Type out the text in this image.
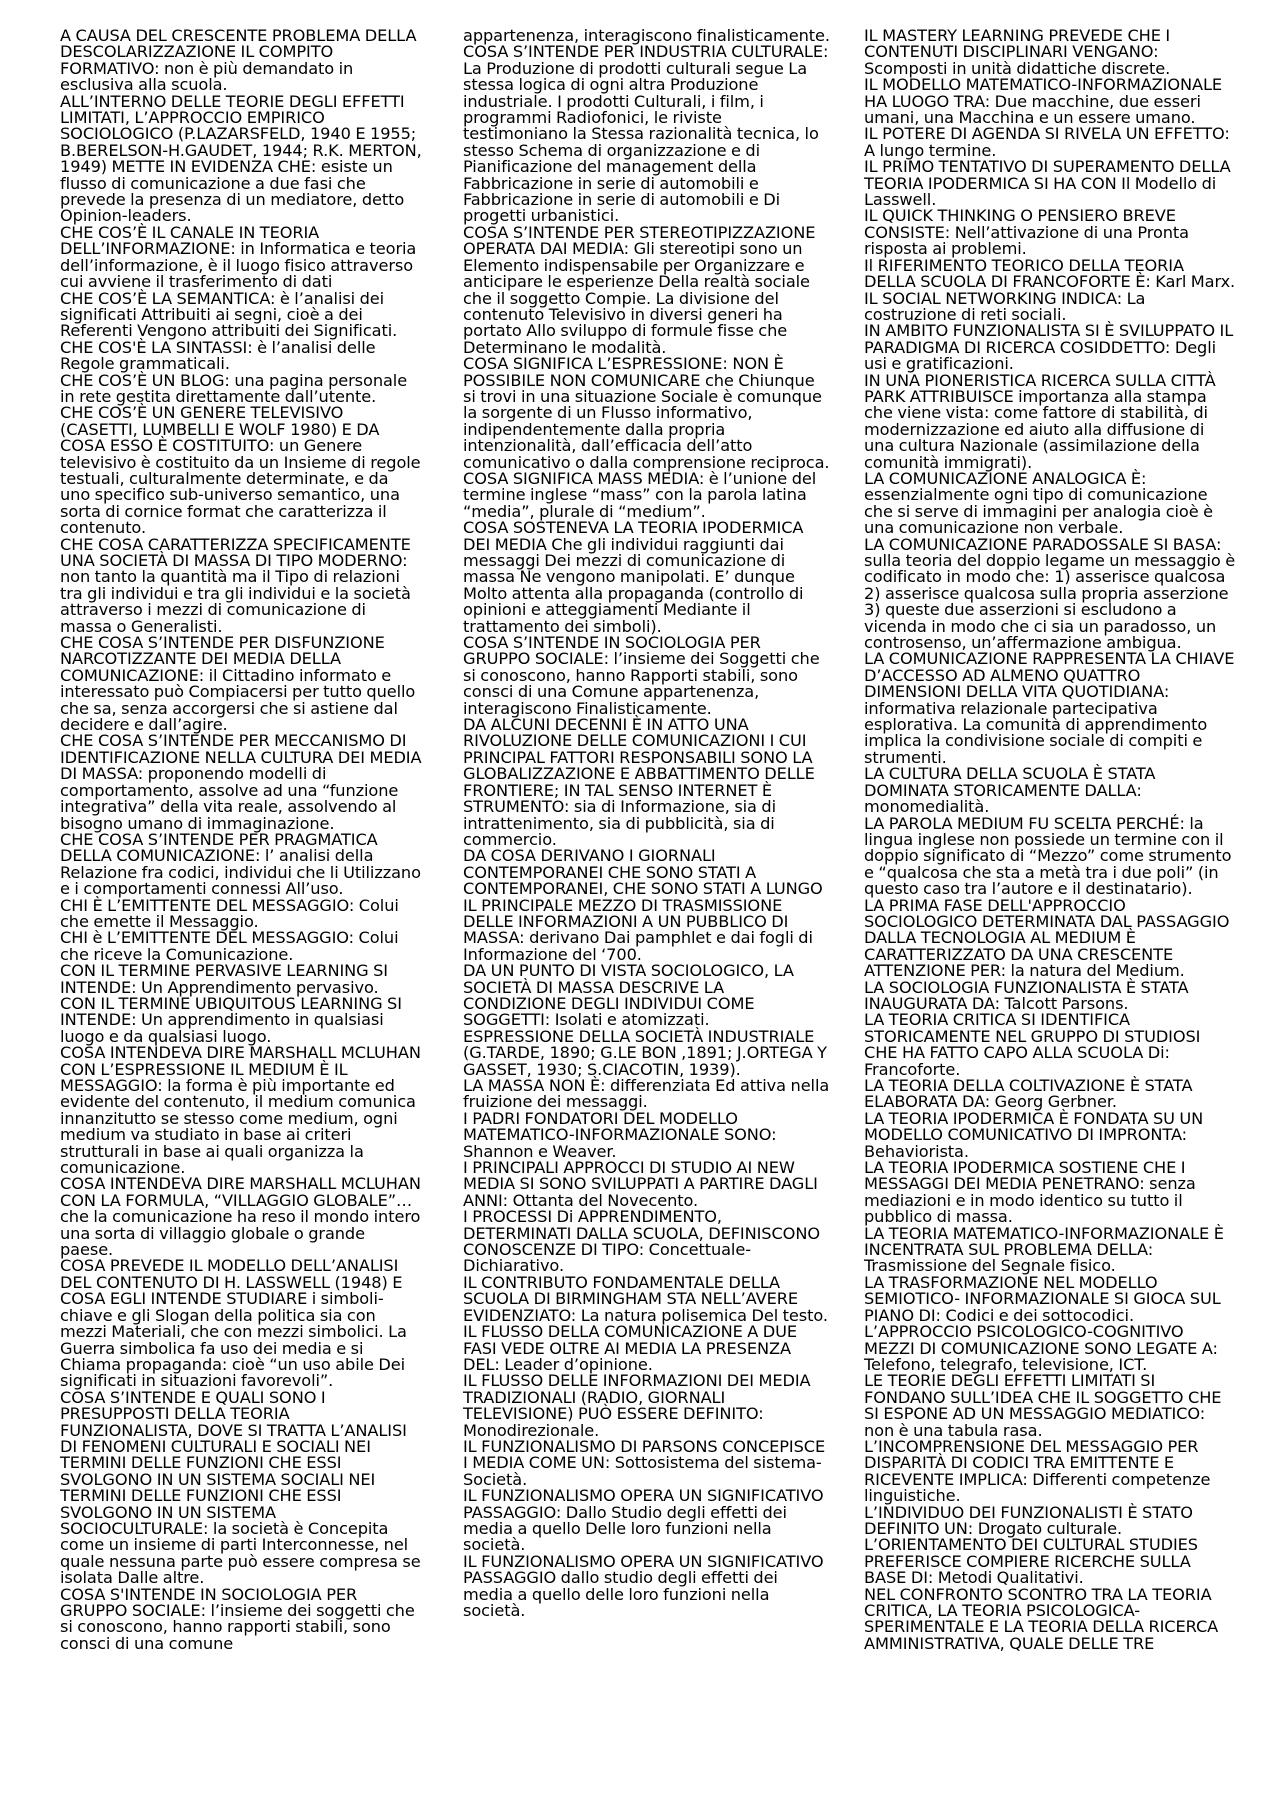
A CAUSA DEL CRESCENTE PROBLEMA DELLA DESCOLARIZZAZIONE IL COMPITO FORMATIVO: non è più demandato in esclusiva alla scuola.

ALL’INTERNO DELLE TEORIE DEGLI EFFETTI LIMITATI, L’APPROCCIO EMPIRICO SOCIOLOGICO (P.LAZARSFELD, 1940 E 1955; B.BERELSON-H.GAUDET, 1944; R.K. MERTON, 1949) METTE IN EVIDENZA CHE: esiste un flusso di comunicazione a due fasi che prevede la presenza di un mediatore, detto Opinion-leaders.

CHE COS’È IL CANALE IN TEORIA DELL’INFORMAZIONE: in Informatica e teoria dell’informazione, è il luogo fisico attraverso cui avviene il trasferimento di dati

CHE COS’È LA SEMANTICA: è l’analisi dei significati Attribuiti ai segni, cioè a dei Referenti Vengono attribuiti dei Significati.

CHE COS'È LA SINTASSI: è l’analisi delle Regole grammaticali.

CHE COS’È UN BLOG: una pagina personale in rete gestita direttamente dall’utente.

CHE COS’È UN GENERE TELEVISIVO (CASETTI, LUMBELLI E WOLF 1980) E DA COSA ESSO È COSTITUITO: un Genere televisivo è costituito da un Insieme di regole testuali, culturalmente determinate, e da uno specifico sub-universo semantico, una sorta di cornice format che caratterizza il contenuto.

CHE COSA CARATTERIZZA SPECIFICAMENTE UNA SOCIETÀ DI MASSA DI TIPO MODERNO: non tanto la quantità ma il Tipo di relazioni tra gli individui e tra gli individui e la società attraverso i mezzi di comunicazione di massa o Generalisti.

CHE COSA S’INTENDE PER DISFUNZIONE NARCOTIZZANTE DEI MEDIA DELLA COMUNICAZIONE: il Cittadino informato e interessato può Compiacersi per tutto quello che sa, senza accorgersi che si astiene dal decidere e dall’agire.

CHE COSA S’INTENDE PER MECCANISMO DI IDENTIFICAZIONE NELLA CULTURA DEI MEDIA DI MASSA: proponendo modelli di comportamento, assolve ad una “funzione integrativa” della vita reale, assolvendo al bisogno umano di immaginazione.

CHE COSA S’INTENDE PER PRAGMATICA DELLA COMUNICAZIONE: l’ analisi della Relazione fra codici, individui che li Utilizzano e i comportamenti connessi All’uso.

CHI È L’EMITTENTE DEL MESSAGGIO: Colui che emette il Messaggio.

CHI è L’EMITTENTE DEL MESSAGGIO: Colui che riceve la Comunicazione.

CON IL TERMINE PERVASIVE LEARNING SI INTENDE: Un Apprendimento pervasivo.

CON IL TERMINE UBIQUITOUS LEARNING SI INTENDE: Un apprendimento in qualsiasi luogo e da qualsiasi luogo.

COSA INTENDEVA DIRE MARSHALL MCLUHAN CON L’ESPRESSIONE IL MEDIUM È IL MESSAGGIO: la forma è più importante ed evidente del contenuto, il medium comunica innanzitutto se stesso come medium, ogni medium va studiato in base ai criteri strutturali in base ai quali organizza la comunicazione.

COSA INTENDEVA DIRE MARSHALL MCLUHAN CON LA FORMULA, “VILLAGGIO GLOBALE”… che la comunicazione ha reso il mondo intero una sorta di villaggio globale o grande paese.

COSA PREVEDE IL MODELLO DELL’ANALISI DEL CONTENUTO DI H. LASSWELL (1948) E COSA EGLI INTENDE STUDIARE i simboli-chiave e gli Slogan della politica sia con mezzi Materiali, che con mezzi simbolici. La Guerra simbolica fa uso dei media e si Chiama propaganda: cioè “un uso abile Dei significati in situazioni favorevoli”.

COSA S’INTENDE E QUALI SONO I PRESUPPOSTI DELLA TEORIA FUNZIONALISTA, DOVE SI TRATTA L’ANALISI DI FENOMENI CULTURALI E SOCIALI NEI TERMINI DELLE FUNZIONI CHE ESSI SVOLGONO IN UN SISTEMA SOCIALI NEI TERMINI DELLE FUNZIONI CHE ESSI SVOLGONO IN UN SISTEMA SOCIOCULTURALE: la società è Concepita come un insieme di parti Interconnesse, nel quale nessuna parte può essere compresa se isolata Dalle altre.

COSA S'INTENDE IN SOCIOLOGIA PER GRUPPO SOCIALE: l’insieme dei soggetti che si conoscono, hanno rapporti stabili, sono consci di una comune

appartenenza, interagiscono finalisticamente.

COSA S’INTENDE PER INDUSTRIA CULTURALE: La Produzione di prodotti culturali segue La stessa logica di ogni altra Produzione industriale. I prodotti Culturali, i film, i programmi Radiofonici, le riviste testimoniano la Stessa razionalità tecnica, lo stesso Schema di organizzazione e di Pianificazione del management della Fabbricazione in serie di automobili e Fabbricazione in serie di automobili e Di progetti urbanistici.

COSA S’INTENDE PER STEREOTIPIZZAZIONE OPERATA DAI MEDIA: Gli stereotipi sono un Elemento indispensabile per Organizzare e anticipare le esperienze Della realtà sociale che il soggetto Compie. La divisione del contenuto Televisivo in diversi generi ha portato Allo sviluppo di formule fisse che Determinano le modalità.

COSA SIGNIFICA L’ESPRESSIONE: NON È POSSIBILE NON COMUNICARE che Chiunque si trovi in una situazione Sociale è comunque la sorgente di un Flusso informativo, indipendentemente dalla propria intenzionalità, dall’efficacia dell’atto comunicativo o dalla comprensione reciproca.

COSA SIGNIFICA MASS MEDIA: è l’unione del termine inglese “mass” con la parola latina “media”, plurale di “medium”.

COSA SOSTENEVA LA TEORIA IPODERMICA DEI MEDIA Che gli individui raggiunti dai messaggi Dei mezzi di comunicazione di massa Ne vengono manipolati. E’ dunque Molto attenta alla propaganda (controllo di opinioni e atteggiamenti Mediante il trattamento dei simboli).

COSA S’INTENDE IN SOCIOLOGIA PER GRUPPO SOCIALE: l’insieme dei Soggetti che si conoscono, hanno Rapporti stabili, sono consci di una Comune appartenenza, interagiscono Finalisticamente.

DA ALCUNI DECENNI È IN ATTO UNA RIVOLUZIONE DELLE COMUNICAZIONI I CUI PRINCIPAL FATTORI RESPONSABILI SONO LA GLOBALIZZAZIONE E ABBATTIMENTO DELLE FRONTIERE; IN TAL SENSO INTERNET È STRUMENTO: sia di Informazione, sia di intrattenimento, sia di pubblicità, sia di commercio.

DA COSA DERIVANO I GIORNALI CONTEMPORANEI CHE SONO STATI A CONTEMPORANEI, CHE SONO STATI A LUNGO IL PRINCIPALE MEZZO DI TRASMISSIONE DELLE INFORMAZIONI A UN PUBBLICO DI MASSA: derivano Dai pamphlet e dai fogli di Informazione del ‘700.

DA UN PUNTO DI VISTA SOCIOLOGICO, LA SOCIETÀ DI MASSA DESCRIVE LA CONDIZIONE DEGLI INDIVIDUI COME SOGGETTI: Isolati e atomizzati.

ESPRESSIONE DELLA SOCIETÀ INDUSTRIALE (G.TARDE, 1890; G.LE BON ,1891; J.ORTEGA Y GASSET, 1930; S.CIACOTIN, 1939).

LA MASSA NON È: differenziata Ed attiva nella fruizione dei messaggi.

I PADRI FONDATORI DEL MODELLO MATEMATICO-INFORMAZIONALE SONO: Shannon e Weaver.

I PRINCIPALI APPROCCI DI STUDIO AI NEW MEDIA SI SONO SVILUPPATI A PARTIRE DAGLI ANNI: Ottanta del Novecento.

I PROCESSI Di APPRENDIMENTO, DETERMINATI DALLA SCUOLA, DEFINISCONO CONOSCENZE DI TIPO: Concettuale- Dichiarativo.

IL CONTRIBUTO FONDAMENTALE DELLA SCUOLA DI BIRMINGHAM STA NELL’AVERE EVIDENZIATO: La natura polisemica Del testo.

IL FLUSSO DELLA COMUNICAZIONE A DUE FASI VEDE OLTRE AI MEDIA LA PRESENZA DEL: Leader d’opinione.

IL FLUSSO DELLE INFORMAZIONI DEI MEDIA TRADIZIONALI (RADIO, GIORNALI TELEVISIONE) PUÒ ESSERE DEFINITO: Monodirezionale.

IL FUNZIONALISMO DI PARSONS CONCEPISCE I MEDIA COME UN: Sottosistema del sistema- Società.

IL FUNZIONALISMO OPERA UN SIGNIFICATIVO PASSAGGIO: Dallo Studio degli effetti dei media a quello Delle loro funzioni nella società.

IL FUNZIONALISMO OPERA UN SIGNIFICATIVO PASSAGGIO dallo studio degli effetti dei media a quello delle loro funzioni nella società.

IL MASTERY LEARNING PREVEDE CHE I CONTENUTI DISCIPLINARI VENGANO: Scomposti in unità didattiche discrete.

IL MODELLO MATEMATICO-INFORMAZIONALE HA LUOGO TRA: Due macchine, due esseri umani, una Macchina e un essere umano.

IL POTERE DI AGENDA SI RIVELA UN EFFETTO: A lungo termine.

IL PRIMO TENTATIVO DI SUPERAMENTO DELLA TEORIA IPODERMICA SI HA CON Il Modello di Lasswell.

IL QUICK THINKING O PENSIERO BREVE CONSISTE: Nell’attivazione di una Pronta risposta ai problemi.

Il RIFERIMENTO TEORICO DELLA TEORIA DELLA SCUOLA DI FRANCOFORTE È: Karl Marx.

IL SOCIAL NETWORKING INDICA: La costruzione di reti sociali.

IN AMBITO FUNZIONALISTA SI È SVILUPPATO IL PARADIGMA DI RICERCA COSIDDETTO: Degli usi e gratificazioni.

IN UNA PIONERISTICA RICERCA SULLA CITTÀ PARK ATTRIBUISCE importanza alla stampa che viene vista: come fattore di stabilità, di modernizzazione ed aiuto alla diffusione di una cultura Nazionale (assimilazione della comunità immigrati).

LA COMUNICAZIONE ANALOGICA È: essenzialmente ogni tipo di comunicazione che si serve di immagini per analogia cioè è una comunicazione non verbale.

LA COMUNICAZIONE PARADOSSALE SI BASA: sulla teoria del doppio legame un messaggio è codificato in modo che: 1) asserisce qualcosa 2) asserisce qualcosa sulla propria asserzione 3) queste due asserzioni si escludono a vicenda in modo che ci sia un paradosso, un controsenso, un’affermazione ambigua.

LA COMUNICAZIONE RAPPRESENTA LA CHIAVE D’ACCESSO AD ALMENO QUATTRO DIMENSIONI DELLA VITA QUOTIDIANA: informativa relazionale partecipativa esplorativa. La comunità di apprendimento implica la condivisione sociale di compiti e strumenti.

LA CULTURA DELLA SCUOLA È STATA DOMINATA STORICAMENTE DALLA: monomedialità.

LA PAROLA MEDIUM FU SCELTA PERCHÉ: la lingua inglese non possiede un termine con il doppio significato di “Mezzo” come strumento e “qualcosa che sta a metà tra i due poli” (in questo caso tra l’autore e il destinatario).

LA PRIMA FASE DELL'APPROCCIO SOCIOLOGICO DETERMINATA DAL PASSAGGIO DALLA TECNOLOGIA AL MEDIUM È CARATTERIZZATO DA UNA CRESCENTE ATTENZIONE PER: la natura del Medium.

LA SOCIOLOGIA FUNZIONALISTA È STATA INAUGURATA DA: Talcott Parsons.

LA TEORIA CRITICA SI IDENTIFICA STORICAMENTE NEL GRUPPO DI STUDIOSI CHE HA FATTO CAPO ALLA SCUOLA Di: Francoforte.

LA TEORIA DELLA COLTIVAZIONE È STATA ELABORATA DA: Georg Gerbner.

LA TEORIA IPODERMICA È FONDATA SU UN MODELLO COMUNICATIVO DI IMPRONTA: Behaviorista.

LA TEORIA IPODERMICA SOSTIENE CHE I MESSAGGI DEI MEDIA PENETRANO: senza mediazioni e in modo identico su tutto il pubblico di massa.

LA TEORIA MATEMATICO-INFORMAZIONALE È INCENTRATA SUL PROBLEMA DELLA: Trasmissione del Segnale fisico.

LA TRASFORMAZIONE NEL MODELLO SEMIOTICO- INFORMAZIONALE SI GIOCA SUL PIANO DI: Codici e dei sottocodici.

L’APPROCCIO PSICOLOGICO-COGNITIVO MEZZI DI COMUNICAZIONE SONO LEGATE A: Telefono, telegrafo, televisione, ICT.

LE TEORIE DEGLI EFFETTI LIMITATI SI FONDANO SULL’IDEA CHE IL SOGGETTO CHE SI ESPONE AD UN MESSAGGIO MEDIATICO: non è una tabula rasa.

L’INCOMPRENSIONE DEL MESSAGGIO PER DISPARITÀ DI CODICI TRA EMITTENTE E RICEVENTE IMPLICA: Differenti competenze linguistiche.

L’INDIVIDUO DEI FUNZIONALISTI È STATO DEFINITO UN: Drogato culturale.

L’ORIENTAMENTO DEI CULTURAL STUDIES PREFERISCE COMPIERE RICERCHE SULLA BASE DI: Metodi Qualitativi.

NEL CONFRONTO SCONTRO TRA LA TEORIA CRITICA, LA TEORIA PSICOLOGICA-SPERIMENTALE E LA TEORIA DELLA RICERCA AMMINISTRATIVA, QUALE DELLE TRE
